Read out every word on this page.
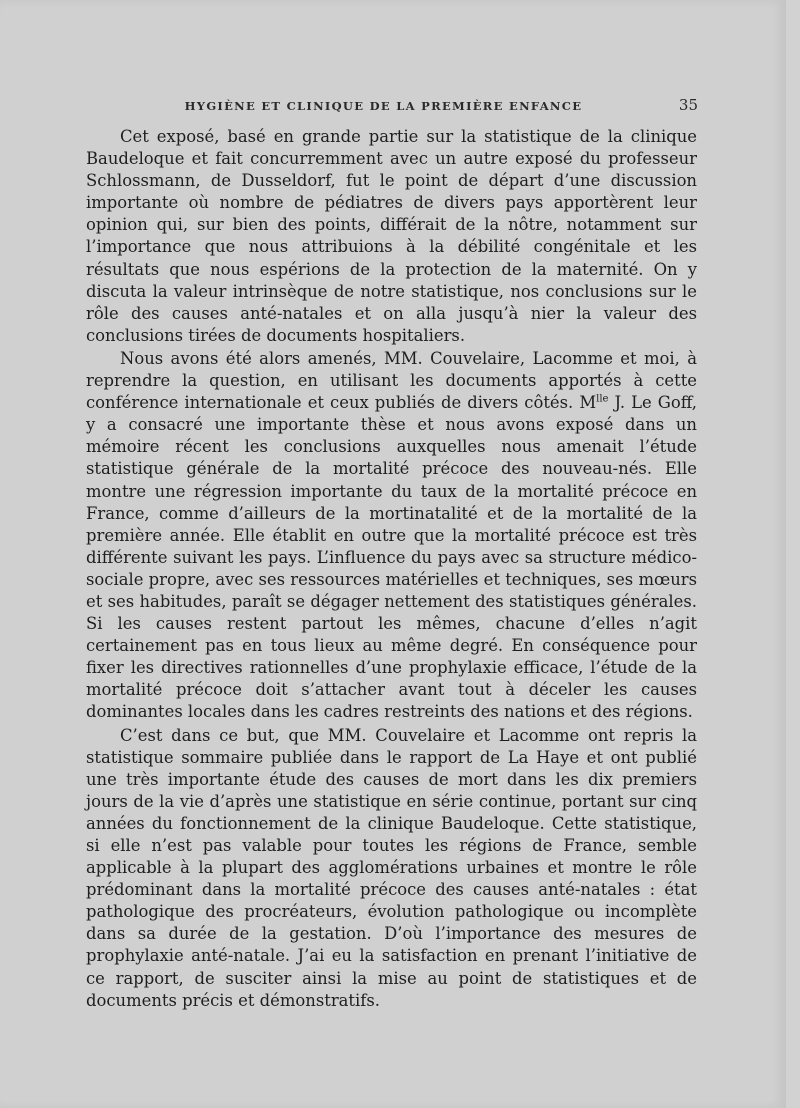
HYGIÈNE ET CLINIQUE DE LA PREMIÈRE ENFANCE	35

Cet exposé, basé en grande partie sur la statistique de la clinique Baudeloque et fait concurremment avec un autre exposé du professeur Schlossmann, de Dusseldorf, fut le point de départ d’une discussion importante où nombre de pédiatres de divers pays apportèrent leur opinion qui, sur bien des points, différait de la nôtre, notamment sur l’importance que nous attribuions à la débilité congénitale et les résultats que nous espérions de la protection de la maternité. On y discuta la valeur intrinsèque de notre statistique, nos conclusions sur le rôle des causes anté-natales et on alla jusqu’à nier la valeur des conclusions tirées de documents hospitaliers.

Nous avons été alors amenés, MM. Couvelaire, Lacomme et moi, à reprendre la question, en utilisant les documents apportés à cette conférence internationale et ceux publiés de divers côtés. $M^{lle}$ J. Le Goff, y a consacré une importante thèse et nous avons exposé dans un mémoire récent les conclusions auxquelles nous amenait l’étude statistique générale de la mortalité précoce des nouveau-nés. Elle montre une régression importante du taux de la mortalité précoce en France, comme d’ailleurs de la mortinatalité et de la mortalité de la première année. Elle établit en outre que la mortalité précoce est très différente suivant les pays. L’influence du pays avec sa structure médico-sociale propre, avec ses ressources matérielles et techniques, ses mœurs et ses habitudes, paraît se dégager nettement des statistiques générales. Si les causes restent partout les mêmes, chacune d’elles n’agit certainement pas en tous lieux au même degré. En conséquence pour fixer les directives rationnelles d’une prophylaxie efficace, l’étude de la mortalité précoce doit s’attacher avant tout à déceler les causes dominantes locales dans les cadres restreints des nations et des régions.

C’est dans ce but, que MM. Couvelaire et Lacomme ont repris la statistique sommaire publiée dans le rapport de La Haye et ont publié une très importante étude des causes de mort dans les dix premiers jours de la vie d’après une statistique en série continue, portant sur cinq années du fonctionnement de la clinique Baudeloque. Cette statistique, si elle n’est pas valable pour toutes les régions de France, semble applicable à la plupart des agglomérations urbaines et montre le rôle prédominant dans la mortalité précoce des causes anté-natales : état pathologique des procréateurs, évolution pathologique ou incomplète dans sa durée de la gestation. D’où l’importance des mesures de prophylaxie anté-natale. J’ai eu la satisfaction en prenant l’initiative de ce rapport, de susciter ainsi la mise au point de statistiques et de documents précis et démonstratifs.
